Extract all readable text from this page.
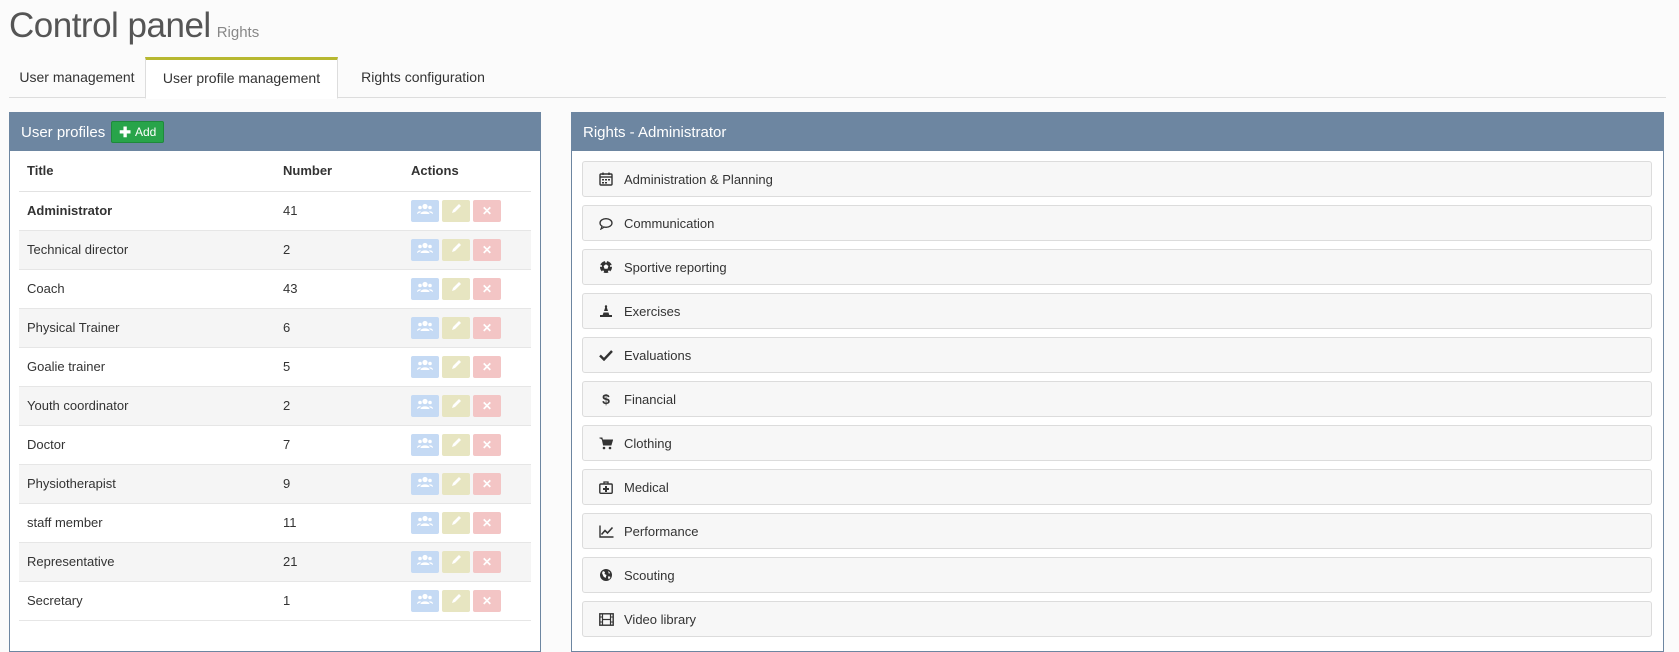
Control panel Rights
User management	User profile management	Rights configuration
User profiles ✚ Add
Title	Number	Actions
Administrator	41	✕
Technical director	2	✕
Coach	43	✕
Physical Trainer	6	✕
Goalie trainer	5	✕
Youth coordinator	2	✕
Doctor	7	✕
Physiotherapist	9	✕
staff member	11	✕
Representative	21	✕
Secretary	1	✕
Rights - Administrator
Administration & Planning
Communication
Sportive reporting
Exercises
Evaluations
$ Financial
Clothing
Medical
Performance
Scouting
Video library
